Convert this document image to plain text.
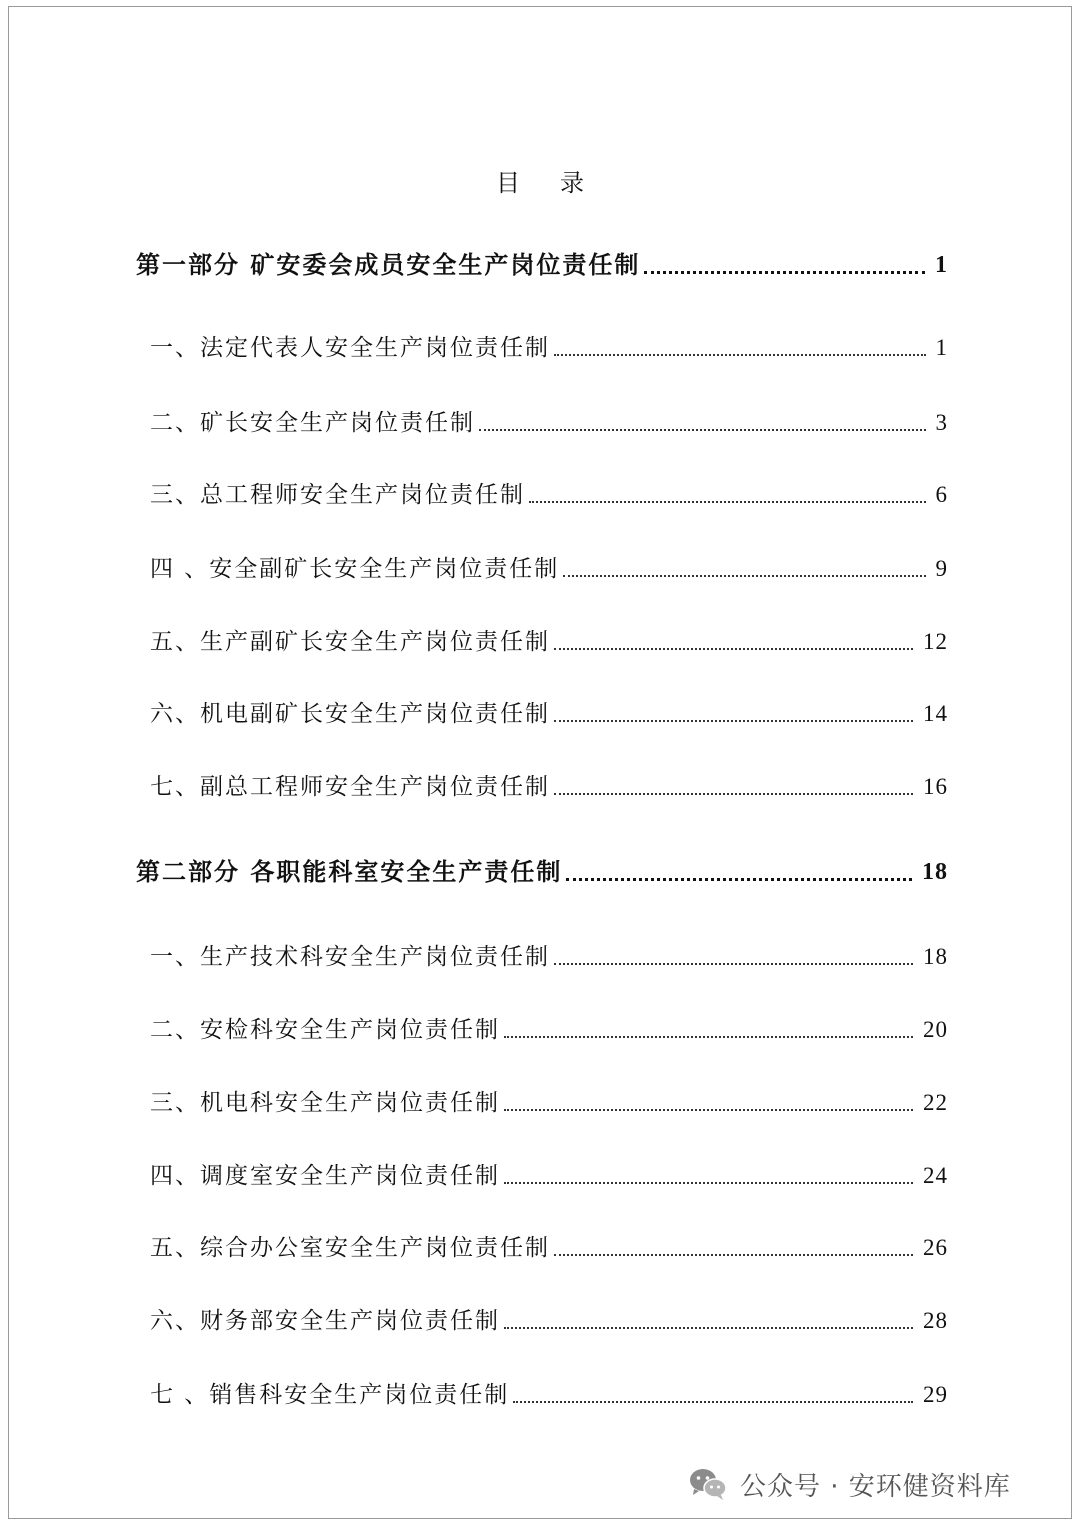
目录
第一部分 矿安委会成员安全生产岗位责任制	1
一、法定代表人安全生产岗位责任制	1
二、矿长安全生产岗位责任制	3
三、总工程师安全生产岗位责任制	6
四 、安全副矿长安全生产岗位责任制	9
五、生产副矿长安全生产岗位责任制	12
六、机电副矿长安全生产岗位责任制	14
七、副总工程师安全生产岗位责任制	16
第二部分 各职能科室安全生产责任制	18
一、生产技术科安全生产岗位责任制	18
二、安检科安全生产岗位责任制	20
三、机电科安全生产岗位责任制	22
四、调度室安全生产岗位责任制	24
五、综合办公室安全生产岗位责任制	26
六、财务部安全生产岗位责任制	28
七 、销售科安全生产岗位责任制	29
公众号 · 安环健资料库
